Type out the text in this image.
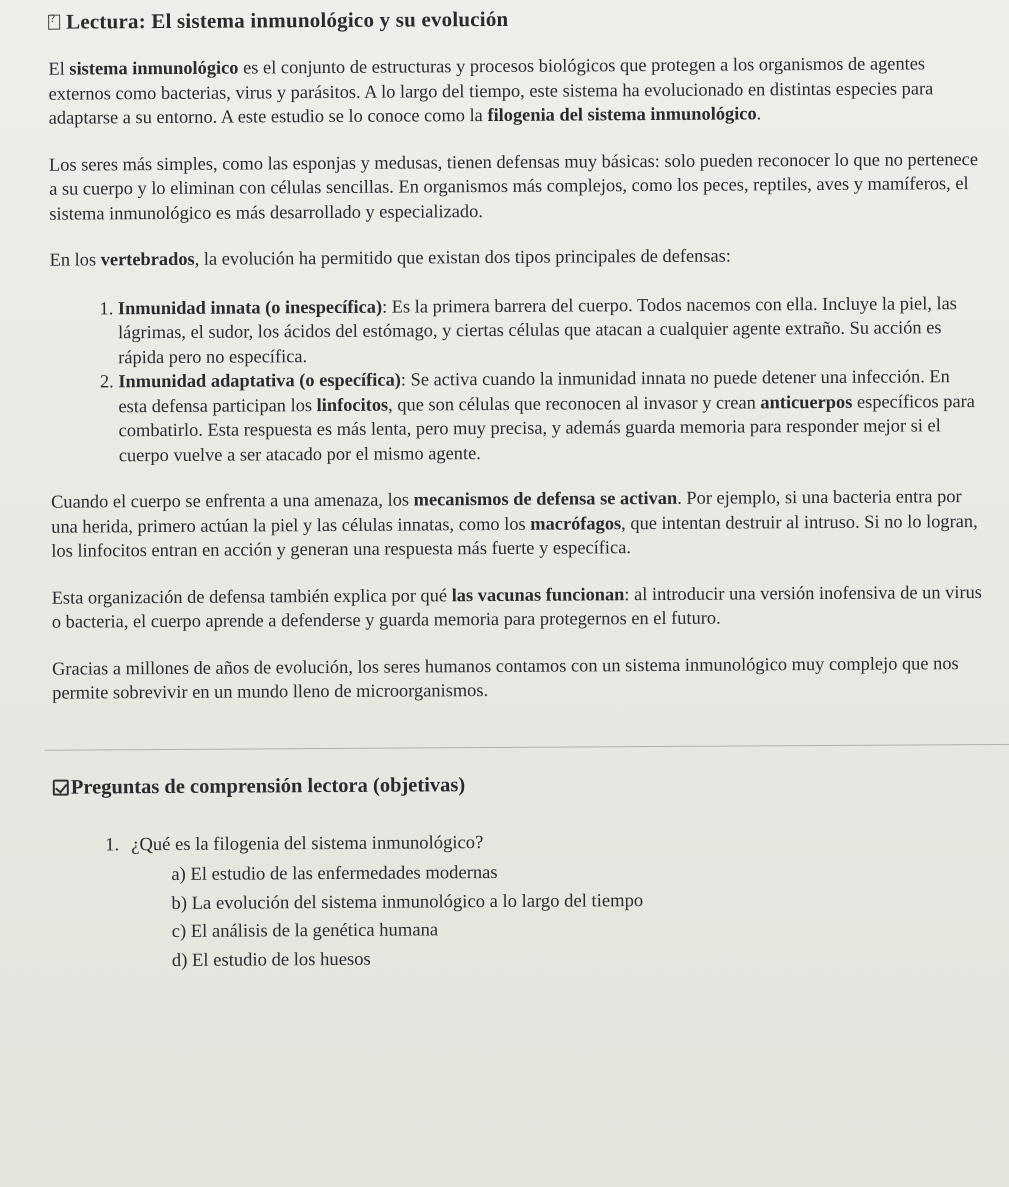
?Lectura: El sistema inmunológico y su evolución

El sistema inmunológico es el conjunto de estructuras y procesos biológicos que protegen a los organismos de agentes externos como bacterias, virus y parásitos. A lo largo del tiempo, este sistema ha evolucionado en distintas especies para adaptarse a su entorno. A este estudio se lo conoce como la filogenia del sistema inmunológico.

Los seres más simples, como las esponjas y medusas, tienen defensas muy básicas: solo pueden reconocer lo que no pertenece a su cuerpo y lo eliminan con células sencillas. En organismos más complejos, como los peces, reptiles, aves y mamíferos, el sistema inmunológico es más desarrollado y especializado.

En los vertebrados, la evolución ha permitido que existan dos tipos principales de defensas:

1. Inmunidad innata (o inespecífica): Es la primera barrera del cuerpo. Todos nacemos con ella. Incluye la piel, las lágrimas, el sudor, los ácidos del estómago, y ciertas células que atacan a cualquier agente extraño. Su acción es rápida pero no específica.
2. Inmunidad adaptativa (o específica): Se activa cuando la inmunidad innata no puede detener una infección. En esta defensa participan los linfocitos, que son células que reconocen al invasor y crean anticuerpos específicos para combatirlo. Esta respuesta es más lenta, pero muy precisa, y además guarda memoria para responder mejor si el cuerpo vuelve a ser atacado por el mismo agente.

Cuando el cuerpo se enfrenta a una amenaza, los mecanismos de defensa se activan. Por ejemplo, si una bacteria entra por una herida, primero actúan la piel y las células innatas, como los macrófagos, que intentan destruir al intruso. Si no lo logran, los linfocitos entran en acción y generan una respuesta más fuerte y específica.

Esta organización de defensa también explica por qué las vacunas funcionan: al introducir una versión inofensiva de un virus o bacteria, el cuerpo aprende a defenderse y guarda memoria para protegernos en el futuro.

Gracias a millones de años de evolución, los seres humanos contamos con un sistema inmunológico muy complejo que nos permite sobrevivir en un mundo lleno de microorganismos.

Preguntas de comprensión lectora (objetivas)
1. ¿Qué es la filogenia del sistema inmunológico?
a) El estudio de las enfermedades modernas
b) La evolución del sistema inmunológico a lo largo del tiempo
c) El análisis de la genética humana
d) El estudio de los huesos
